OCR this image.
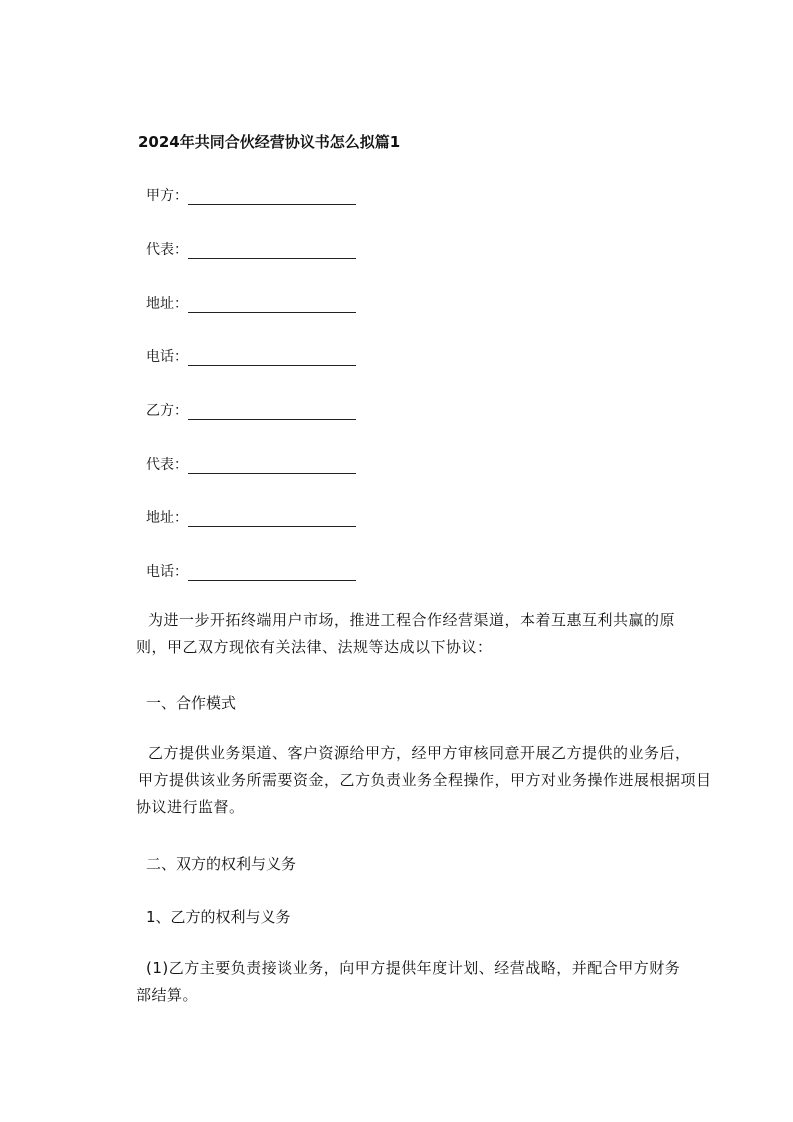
2024年共同合伙经营协议书怎么拟篇1
甲方：
代表：
地址：
电话：
乙方：
代表：
地址：
电话：
为进一步开拓终端用户市场，推进工程合作经营渠道，本着互惠互利共赢的原
则，甲乙双方现依有关法律、法规等达成以下协议：
一、合作模式
乙方提供业务渠道、客户资源给甲方，经甲方审核同意开展乙方提供的业务后，
甲方提供该业务所需要资金，乙方负责业务全程操作，甲方对业务操作进展根据项目
协议进行监督。
二、双方的权利与义务
1、乙方的权利与义务
(1)乙方主要负责接谈业务，向甲方提供年度计划、经营战略，并配合甲方财务
部结算。
